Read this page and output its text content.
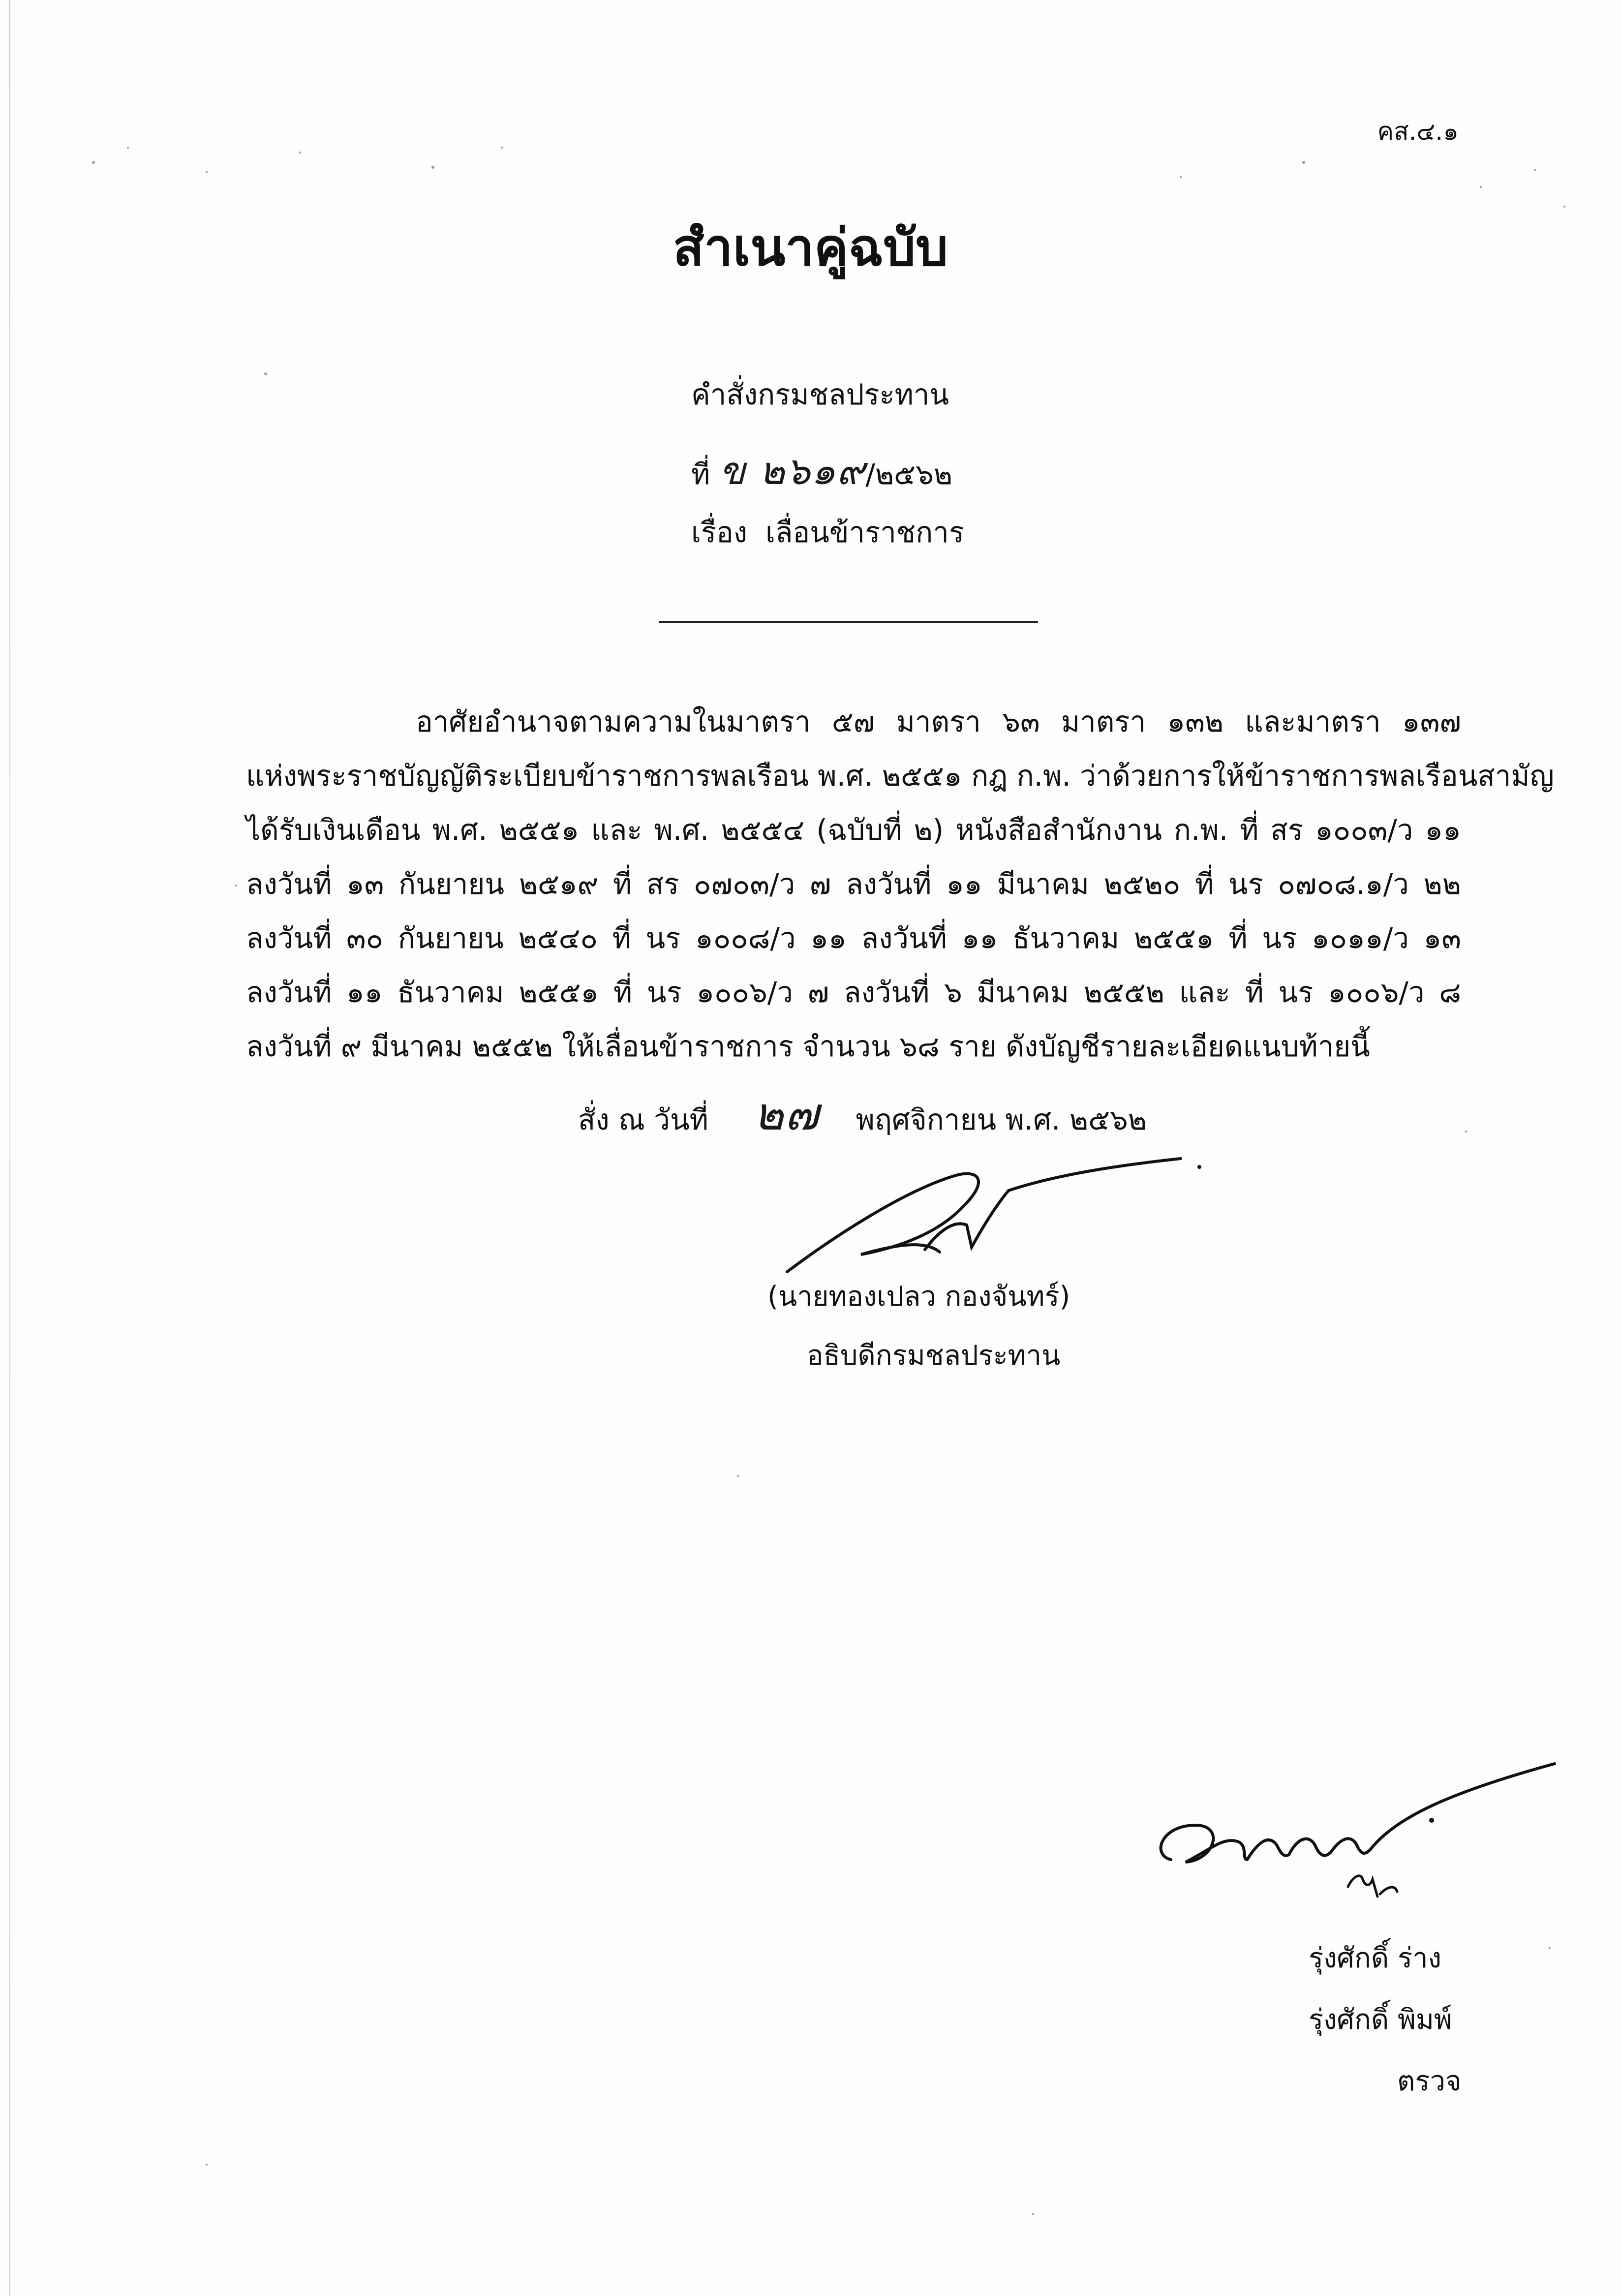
คส.๔.๑
สำเนาคู่ฉบับ
คำสั่งกรมชลประทาน
ที่ ข ๒๖๑๙/๒๕๖๒
เรื่อง เลื่อนข้าราชการ
อาศัยอำนาจตามความในมาตรา ๕๗ มาตรา ๖๓ มาตรา ๑๓๒ และมาตรา ๑๓๗
แห่งพระราชบัญญัติระเบียบข้าราชการพลเรือน พ.ศ. ๒๕๕๑ กฎ ก.พ. ว่าด้วยการให้ข้าราชการพลเรือนสามัญ
ได้รับเงินเดือน พ.ศ. ๒๕๕๑ และ พ.ศ. ๒๕๕๔ (ฉบับที่ ๒) หนังสือสำนักงาน ก.พ. ที่ สร ๑๐๐๓/ว ๑๑
ลงวันที่ ๑๓ กันยายน ๒๕๑๙ ที่ สร ๐๗๐๓/ว ๗ ลงวันที่ ๑๑ มีนาคม ๒๕๒๐ ที่ นร ๐๗๐๘.๑/ว ๒๒
ลงวันที่ ๓๐ กันยายน ๒๕๔๐ ที่ นร ๑๐๐๘/ว ๑๑ ลงวันที่ ๑๑ ธันวาคม ๒๕๕๑ ที่ นร ๑๐๑๑/ว ๑๓
ลงวันที่ ๑๑ ธันวาคม ๒๕๕๑ ที่ นร ๑๐๐๖/ว ๗ ลงวันที่ ๖ มีนาคม ๒๕๕๒ และ ที่ นร ๑๐๐๖/ว ๘
ลงวันที่ ๙ มีนาคม ๒๕๕๒ ให้เลื่อนข้าราชการ จำนวน ๖๘ ราย ดังบัญชีรายละเอียดแนบท้ายนี้
สั่ง ณ วันที่ ๒๗ พฤศจิกายน พ.ศ. ๒๕๖๒
(นายทองเปลว กองจันทร์)
อธิบดีกรมชลประทาน
รุ่งศักดิ์ ร่าง
รุ่งศักดิ์ พิมพ์
ตรวจ
